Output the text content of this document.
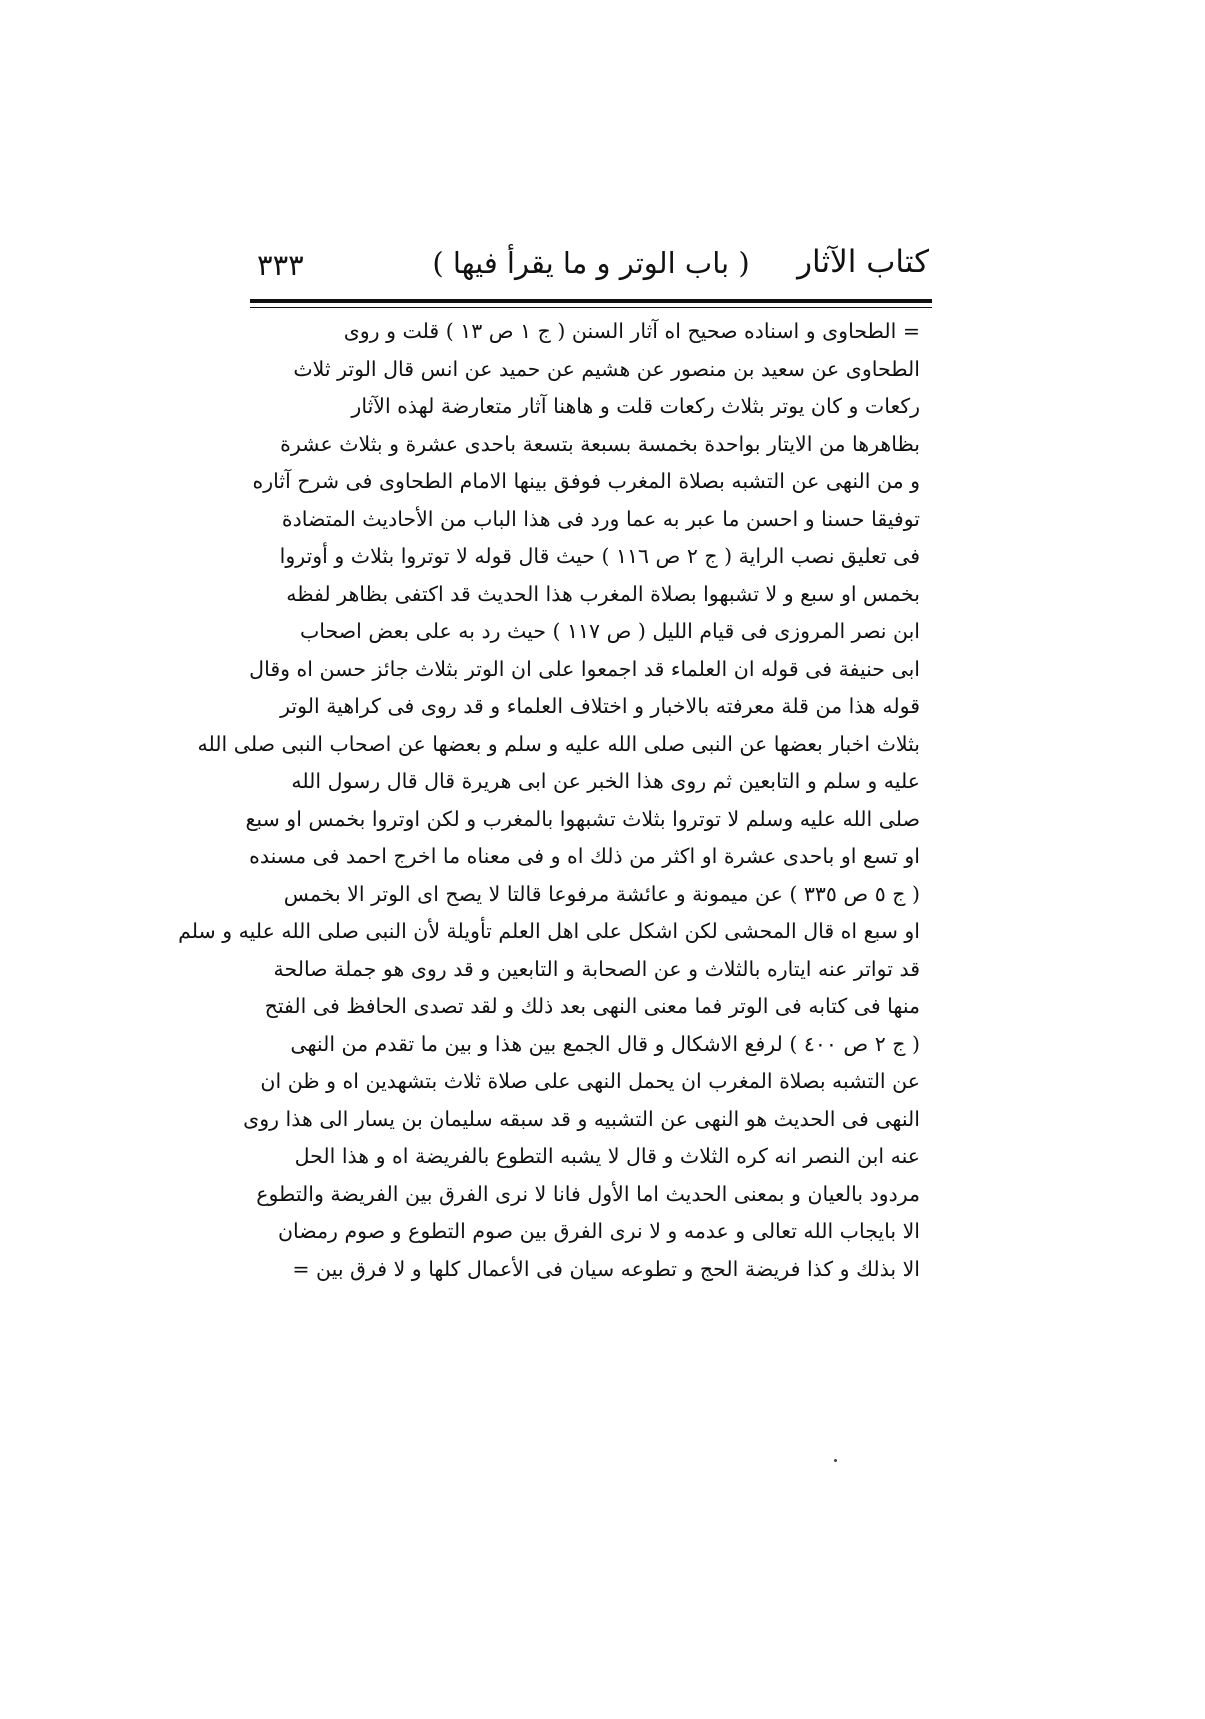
كتاب الآثار
( باب الوتر و ما يقرأ فيها )
٣٣٣
= الطحاوى و اسناده صحيح اه آثار السنن ( ج ١ ص ١٣ ) قلت و روى
الطحاوى عن سعيد بن منصور عن هشيم عن حميد عن انس قال الوتر ثلاث
ركعات و كان يوتر بثلاث ركعات قلت و هاهنا آثار متعارضة لهذه الآثار
بظاهرها من الايتار بواحدة بخمسة بسبعة بتسعة باحدى عشرة و بثلاث عشرة
و من النهى عن التشبه بصلاة المغرب فوفق بينها الامام الطحاوى فى شرح آثاره
توفيقا حسنا و احسن ما عبر به عما ورد فى هذا الباب من الأحاديث المتضادة
فى تعليق نصب الراية ( ج ٢ ص ١١٦ ) حيث قال قوله لا توتروا بثلاث و أوتروا
بخمس او سبع و لا تشبهوا بصلاة المغرب هذا الحديث قد اكتفى بظاهر لفظه
ابن نصر المروزى فى قيام الليل ( ص ١١٧ ) حيث رد به على بعض اصحاب
ابى حنيفة فى قوله ان العلماء قد اجمعوا على ان الوتر بثلاث جائز حسن اه وقال
قوله هذا من قلة معرفته بالاخبار و اختلاف العلماء و قد روى فى كراهية الوتر
بثلاث اخبار بعضها عن النبى صلى الله عليه و سلم و بعضها عن اصحاب النبى صلى الله
عليه و سلم و التابعين ثم روى هذا الخبر عن ابى هريرة قال قال رسول الله
صلى الله عليه وسلم لا توتروا بثلاث تشبهوا بالمغرب و لكن اوتروا بخمس او سبع
او تسع او باحدى عشرة او اكثر من ذلك اه و فى معناه ما اخرج احمد فى مسنده
( ج ٥ ص ٣٣٥ ) عن ميمونة و عائشة مرفوعا قالتا لا يصح اى الوتر الا بخمس
او سبع اه قال المحشى لكن اشكل على اهل العلم تأويلة لأن النبى صلى الله عليه و سلم
قد تواتر عنه ايتاره بالثلاث و عن الصحابة و التابعين و قد روى هو جملة صالحة
منها فى كتابه فى الوتر فما معنى النهى بعد ذلك و لقد تصدى الحافظ فى الفتح
( ج ٢ ص ٤٠٠ ) لرفع الاشكال و قال الجمع بين هذا و بين ما تقدم من النهى
عن التشبه بصلاة المغرب ان يحمل النهى على صلاة ثلاث بتشهدين اه و ظن ان
النهى فى الحديث هو النهى عن التشبيه و قد سبقه سليمان بن يسار الى هذا روى
عنه ابن النصر انه كره الثلاث و قال لا يشبه التطوع بالفريضة اه و هذا الحل
مردود بالعيان و بمعنى الحديث اما الأول فانا لا نرى الفرق بين الفريضة والتطوع
الا بايجاب الله تعالى و عدمه و لا نرى الفرق بين صوم التطوع و صوم رمضان
الا بذلك و كذا فريضة الحج و تطوعه سيان فى الأعمال كلها و لا فرق بين =
